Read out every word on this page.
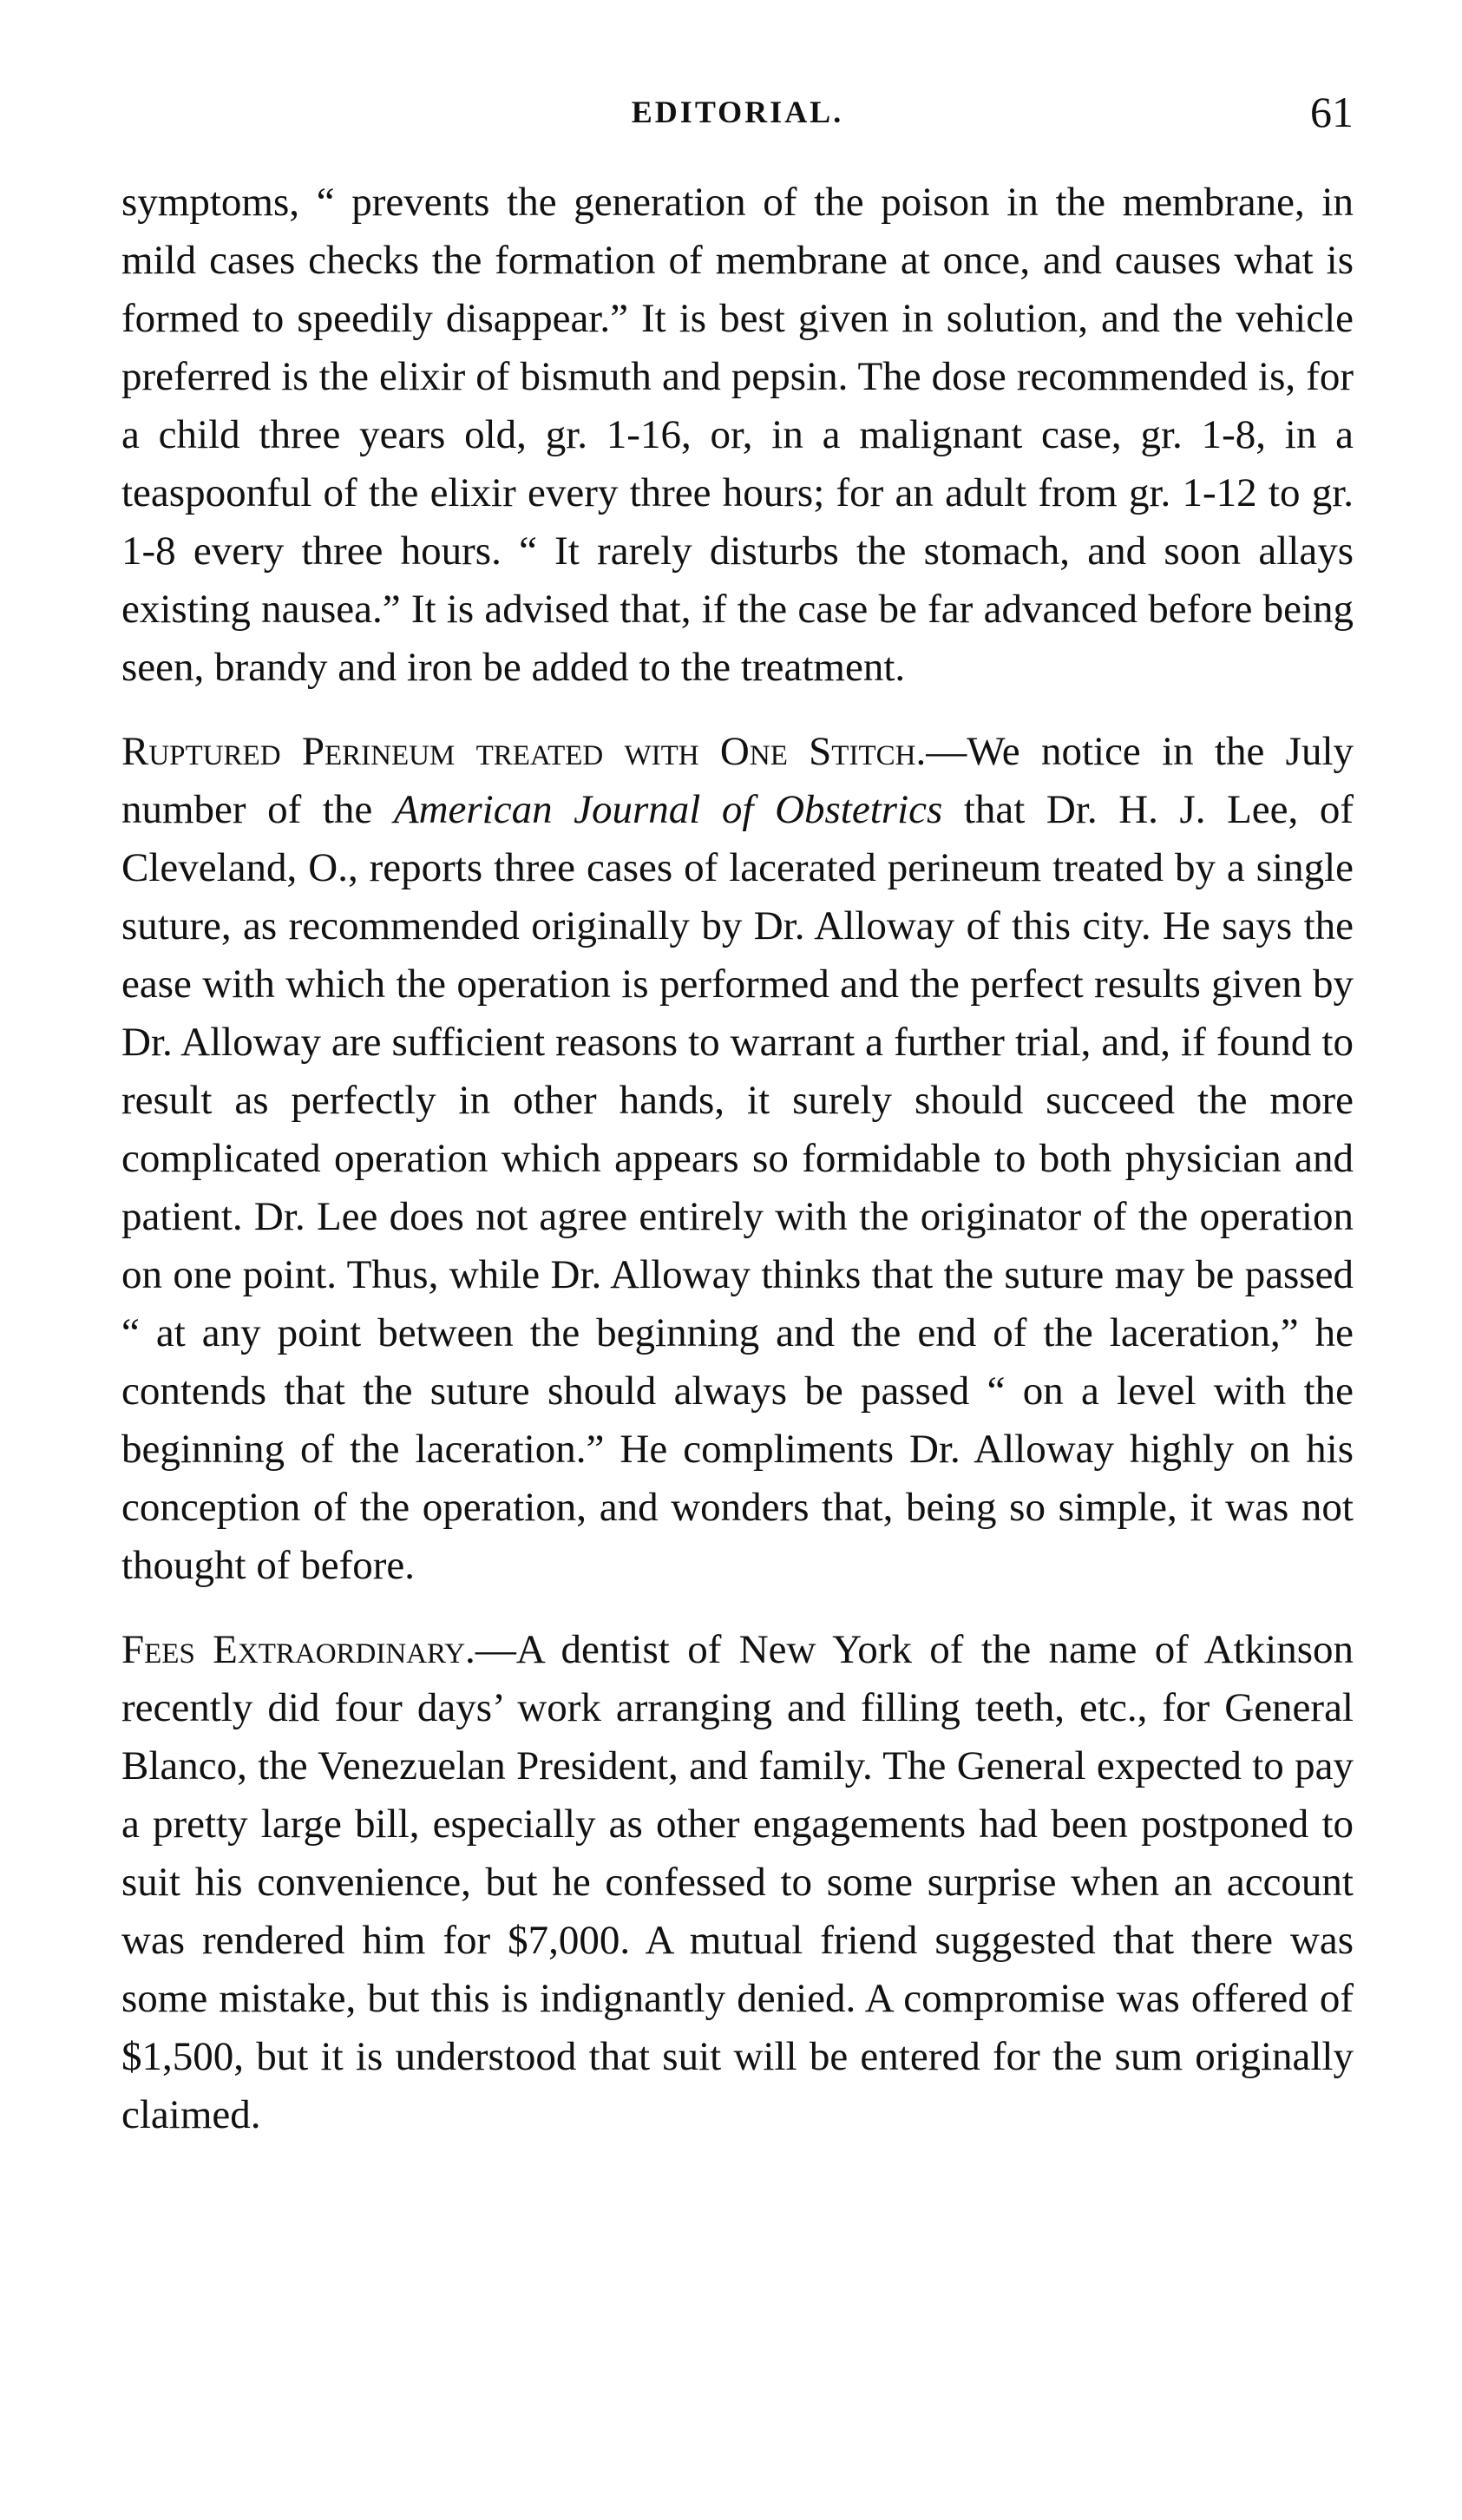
EDITORIAL.	61

symptoms, “ prevents the generation of the poison in the membrane, in mild cases checks the formation of membrane at once, and causes what is formed to speedily disappear.” It is best given in solution, and the vehicle preferred is the elixir of bismuth and pepsin. The dose recommended is, for a child three years old, gr. 1-16, or, in a malignant case, gr. 1-8, in a teaspoonful of the elixir every three hours; for an adult from gr. 1-12 to gr. 1-8 every three hours. “ It rarely disturbs the stomach, and soon allays existing nausea.” It is advised that, if the case be far advanced before being seen, brandy and iron be added to the treatment.

Ruptured Perineum treated with One Stitch.—We notice in the July number of the American Journal of Obstetrics that Dr. H. J. Lee, of Cleveland, O., reports three cases of lacerated perineum treated by a single suture, as recommended originally by Dr. Alloway of this city. He says the ease with which the operation is performed and the perfect results given by Dr. Alloway are sufficient reasons to warrant a further trial, and, if found to result as perfectly in other hands, it surely should succeed the more complicated operation which appears so formidable to both physician and patient. Dr. Lee does not agree entirely with the originator of the operation on one point. Thus, while Dr. Alloway thinks that the suture may be passed “ at any point between the beginning and the end of the laceration,” he contends that the suture should always be passed “ on a level with the beginning of the laceration.” He compliments Dr. Alloway highly on his conception of the operation, and wonders that, being so simple, it was not thought of before.

Fees Extraordinary.—A dentist of New York of the name of Atkinson recently did four days’ work arranging and filling teeth, etc., for General Blanco, the Venezuelan President, and family. The General expected to pay a pretty large bill, especially as other engagements had been postponed to suit his convenience, but he confessed to some surprise when an account was rendered him for $7,000. A mutual friend suggested that there was some mistake, but this is indignantly denied. A compromise was offered of $1,500, but it is understood that suit will be entered for the sum originally claimed.
